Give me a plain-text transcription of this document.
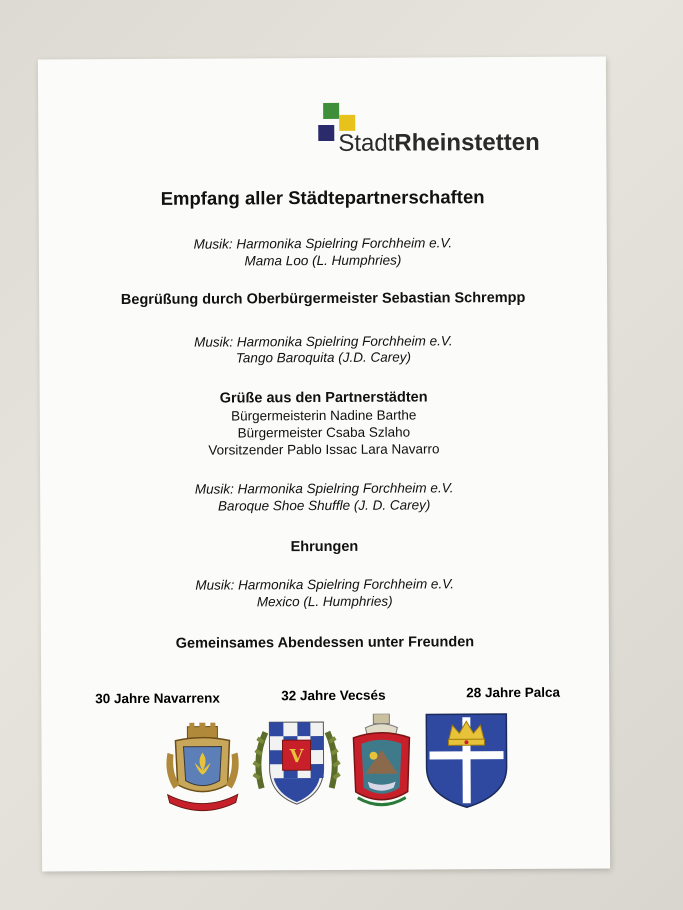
StadtRheinstetten
Empfang aller Städtepartnerschaften
Musik: Harmonika Spielring Forchheim e.V.
Mama Loo (L. Humphries)
Begrüßung durch Oberbürgermeister Sebastian Schrempp
Musik: Harmonika Spielring Forchheim e.V.
Tango Baroquita (J.D. Carey)
Grüße aus den Partnerstädten
Bürgermeisterin Nadine Barthe
Bürgermeister Csaba Szlaho
Vorsitzender Pablo Issac Lara Navarro
Musik: Harmonika Spielring Forchheim e.V.
Baroque Shoe Shuffle (J. D. Carey)
Ehrungen
Musik: Harmonika Spielring Forchheim e.V.
Mexico (L. Humphries)
Gemeinsames Abendessen unter Freunden
30 Jahre Navarrenx	32 Jahre Vecsés	28 Jahre Palca
V
